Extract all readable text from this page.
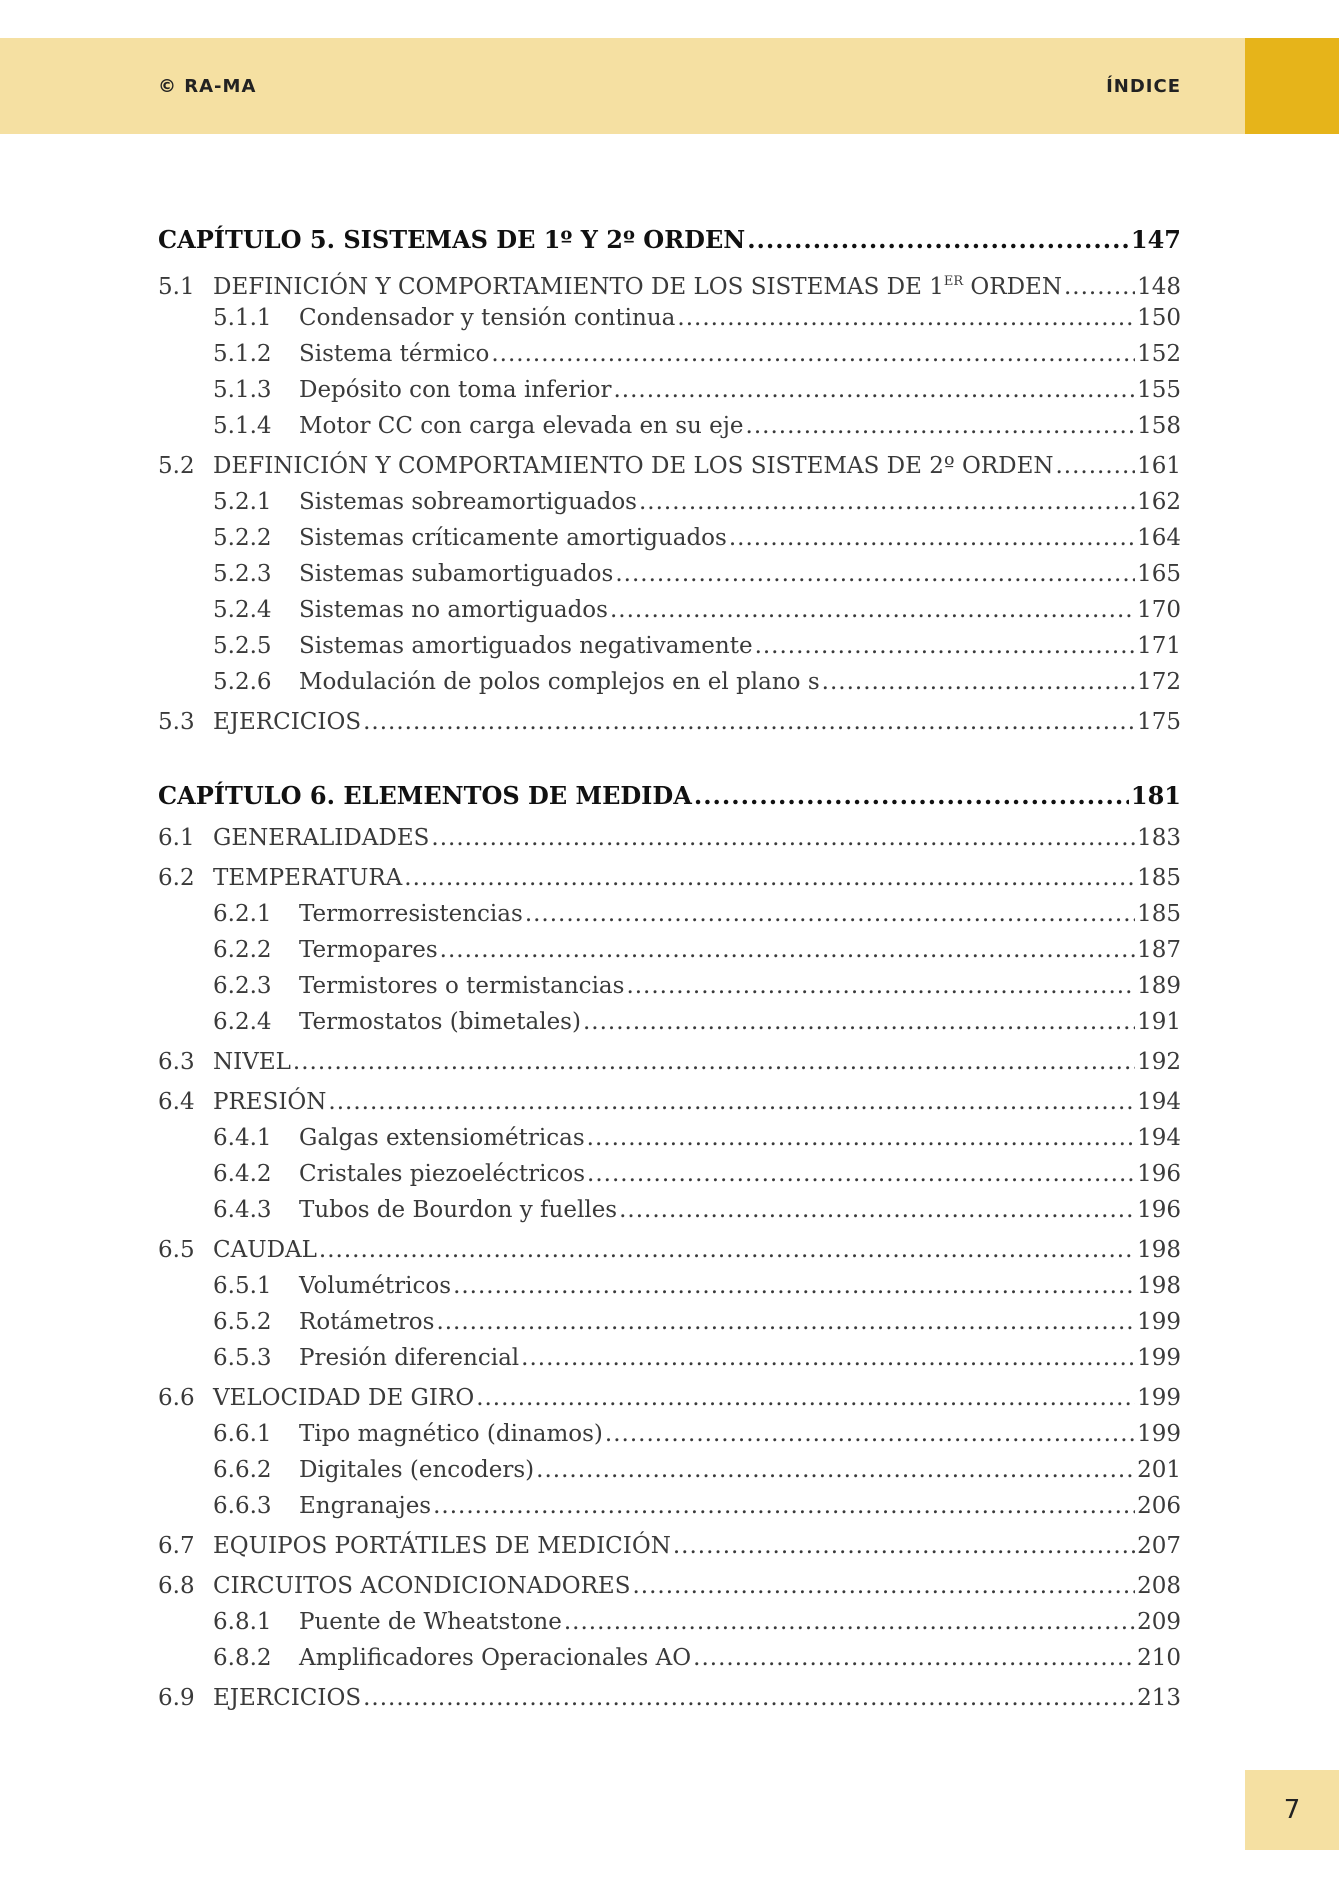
© RA-MA	ÍNDICE
CAPÍTULO 5. SISTEMAS DE 1º Y 2º ORDEN .....	147
5.1 DEFINICIÓN Y COMPORTAMIENTO DE LOS SISTEMAS DE 1ER ORDEN .....	148
5.1.1	Condensador y tensión continua .....	150
5.1.2	Sistema térmico .....	152
5.1.3	Depósito con toma inferior .....	155
5.1.4	Motor CC con carga elevada en su eje .....	158
5.2 DEFINICIÓN Y COMPORTAMIENTO DE LOS SISTEMAS DE 2º ORDEN .....	161
5.2.1	Sistemas sobreamortiguados .....	162
5.2.2	Sistemas críticamente amortiguados .....	164
5.2.3	Sistemas subamortiguados .....	165
5.2.4	Sistemas no amortiguados .....	170
5.2.5	Sistemas amortiguados negativamente .....	171
5.2.6	Modulación de polos complejos en el plano s .....	172
5.3 EJERCICIOS .....	175
CAPÍTULO 6. ELEMENTOS DE MEDIDA .....	181
6.1 GENERALIDADES .....	183
6.2 TEMPERATURA .....	185
6.2.1	Termorresistencias .....	185
6.2.2	Termopares .....	187
6.2.3	Termistores o termistancias .....	189
6.2.4	Termostatos (bimetales) .....	191
6.3 NIVEL .....	192
6.4 PRESIÓN .....	194
6.4.1	Galgas extensiométricas .....	194
6.4.2	Cristales piezoeléctricos .....	196
6.4.3	Tubos de Bourdon y fuelles .....	196
6.5 CAUDAL .....	198
6.5.1	Volumétricos .....	198
6.5.2	Rotámetros .....	199
6.5.3	Presión diferencial .....	199
6.6 VELOCIDAD DE GIRO .....	199
6.6.1	Tipo magnético (dinamos) .....	199
6.6.2	Digitales (encoders) .....	201
6.6.3	Engranajes .....	206
6.7 EQUIPOS PORTÁTILES DE MEDICIÓN .....	207
6.8 CIRCUITOS ACONDICIONADORES .....	208
6.8.1	Puente de Wheatstone .....	209
6.8.2	Amplificadores Operacionales AO .....	210
6.9 EJERCICIOS .....	213
7
